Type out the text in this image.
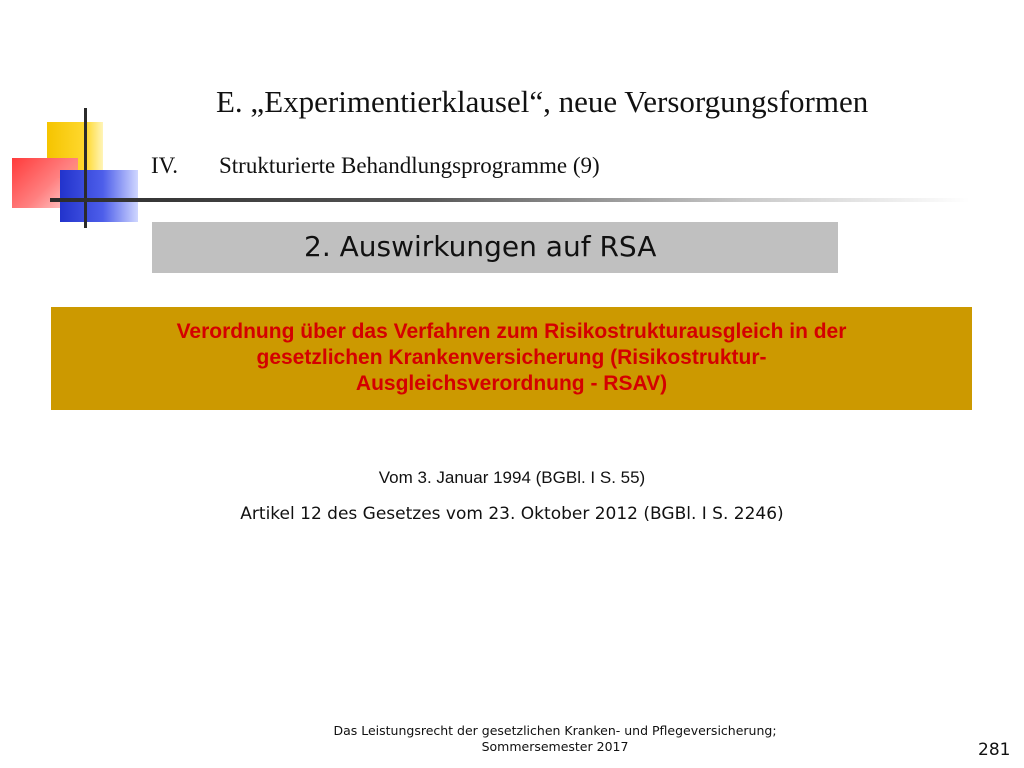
E. „Experimentierklausel“, neue Versorgungsformen
IV. Strukturierte Behandlungsprogramme (9)
2. Auswirkungen auf RSA
Verordnung über das Verfahren zum Risikostrukturausgleich in der
gesetzlichen Krankenversicherung (Risikostruktur-
Ausgleichsverordnung - RSAV)
Vom 3. Januar 1994 (BGBl. I S. 55)
Artikel 12 des Gesetzes vom 23. Oktober 2012 (BGBl. I S. 2246)
Das Leistungsrecht der gesetzlichen Kranken- und Pflegeversicherung;
Sommersemester 2017	281
